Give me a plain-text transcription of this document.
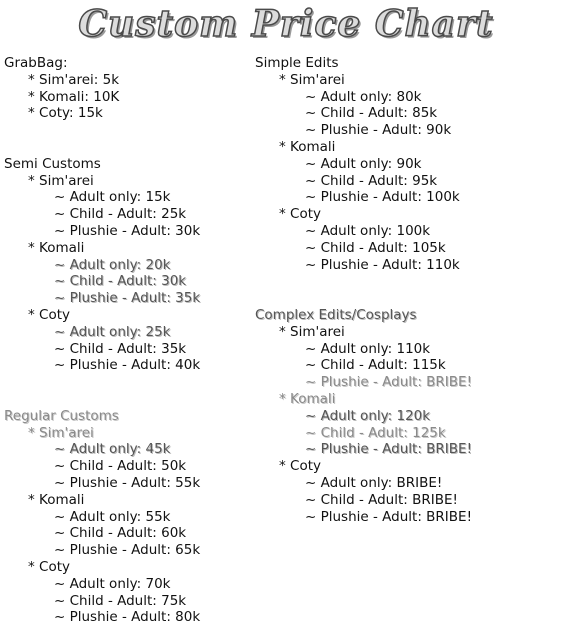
Custom Price Chart
GrabBag:
* Sim'arei: 5k
* Komali: 10K
* Coty: 15k
Semi Customs
* Sim'arei
~ Adult only: 15k
~ Child - Adult: 25k
~ Plushie - Adult: 30k
* Komali
~ Adult only: 20k
~ Child - Adult: 30k
~ Plushie - Adult: 35k
* Coty
~ Adult only: 25k
~ Child - Adult: 35k
~ Plushie - Adult: 40k
Regular Customs
* Sim'arei
~ Adult only: 45k
~ Child - Adult: 50k
~ Plushie - Adult: 55k
* Komali
~ Adult only: 55k
~ Child - Adult: 60k
~ Plushie - Adult: 65k
* Coty
~ Adult only: 70k
~ Child - Adult: 75k
~ Plushie - Adult: 80k
Simple Edits
* Sim'arei
~ Adult only: 80k
~ Child - Adult: 85k
~ Plushie - Adult: 90k
* Komali
~ Adult only: 90k
~ Child - Adult: 95k
~ Plushie - Adult: 100k
* Coty
~ Adult only: 100k
~ Child - Adult: 105k
~ Plushie - Adult: 110k
Complex Edits/Cosplays
* Sim'arei
~ Adult only: 110k
~ Child - Adult: 115k
~ Plushie - Adult: BRIBE!
* Komali
~ Adult only: 120k
~ Child - Adult: 125k
~ Plushie - Adult: BRIBE!
* Coty
~ Adult only: BRIBE!
~ Child - Adult: BRIBE!
~ Plushie - Adult: BRIBE!
